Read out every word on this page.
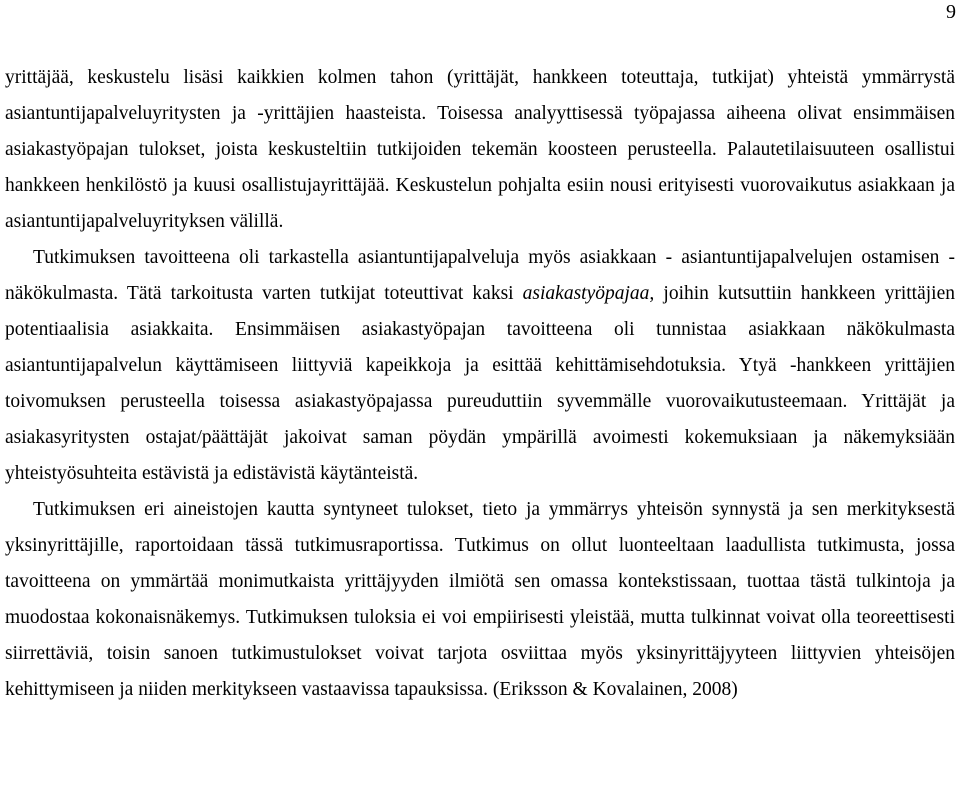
9

yrittäjää, keskustelu lisäsi kaikkien kolmen tahon (yrittäjät, hankkeen toteuttaja, tutkijat) yhteistä ymmärrystä asiantuntijapalveluyritysten ja -yrittäjien haasteista. Toisessa analyyttisessä työpajassa aiheena olivat ensimmäisen asiakastyöpajan tulokset, joista keskusteltiin tutkijoiden tekemän koosteen perusteella. Palautetilaisuuteen osallistui hankkeen henkilöstö ja kuusi osallistujayrittäjää. Keskustelun pohjalta esiin nousi erityisesti vuorovaikutus asiakkaan ja asiantuntijapalveluyrityksen välillä.

Tutkimuksen tavoitteena oli tarkastella asiantuntijapalveluja myös asiakkaan - asiantuntijapalvelujen ostamisen - näkökulmasta. Tätä tarkoitusta varten tutkijat toteuttivat kaksi asiakastyöpajaa, joihin kutsuttiin hankkeen yrittäjien potentiaalisia asiakkaita. Ensimmäisen asiakastyöpajan tavoitteena oli tunnistaa asiakkaan näkökulmasta asiantuntijapalvelun käyttämiseen liittyviä kapeikkoja ja esittää kehittämisehdotuksia. Ytyä -hankkeen yrittäjien toivomuksen perusteella toisessa asiakastyöpajassa pureuduttiin syvemmälle vuorovaikutusteemaan. Yrittäjät ja asiakasyritysten ostajat/päättäjät jakoivat saman pöydän ympärillä avoimesti kokemuksiaan ja näkemyksiään yhteistyösuhteita estävistä ja edistävistä käytänteistä.

Tutkimuksen eri aineistojen kautta syntyneet tulokset, tieto ja ymmärrys yhteisön synnystä ja sen merkityksestä yksinyrittäjille, raportoidaan tässä tutkimusraportissa. Tutkimus on ollut luonteeltaan laadullista tutkimusta, jossa tavoitteena on ymmärtää monimutkaista yrittäjyyden ilmiötä sen omassa kontekstissaan, tuottaa tästä tulkintoja ja muodostaa kokonaisnäkemys. Tutkimuksen tuloksia ei voi empiirisesti yleistää, mutta tulkinnat voivat olla teoreettisesti siirrettäviä, toisin sanoen tutkimustulokset voivat tarjota osviittaa myös yksinyrittäjyyteen liittyvien yhteisöjen kehittymiseen ja niiden merkitykseen vastaavissa tapauksissa. (Eriksson & Kovalainen, 2008)
